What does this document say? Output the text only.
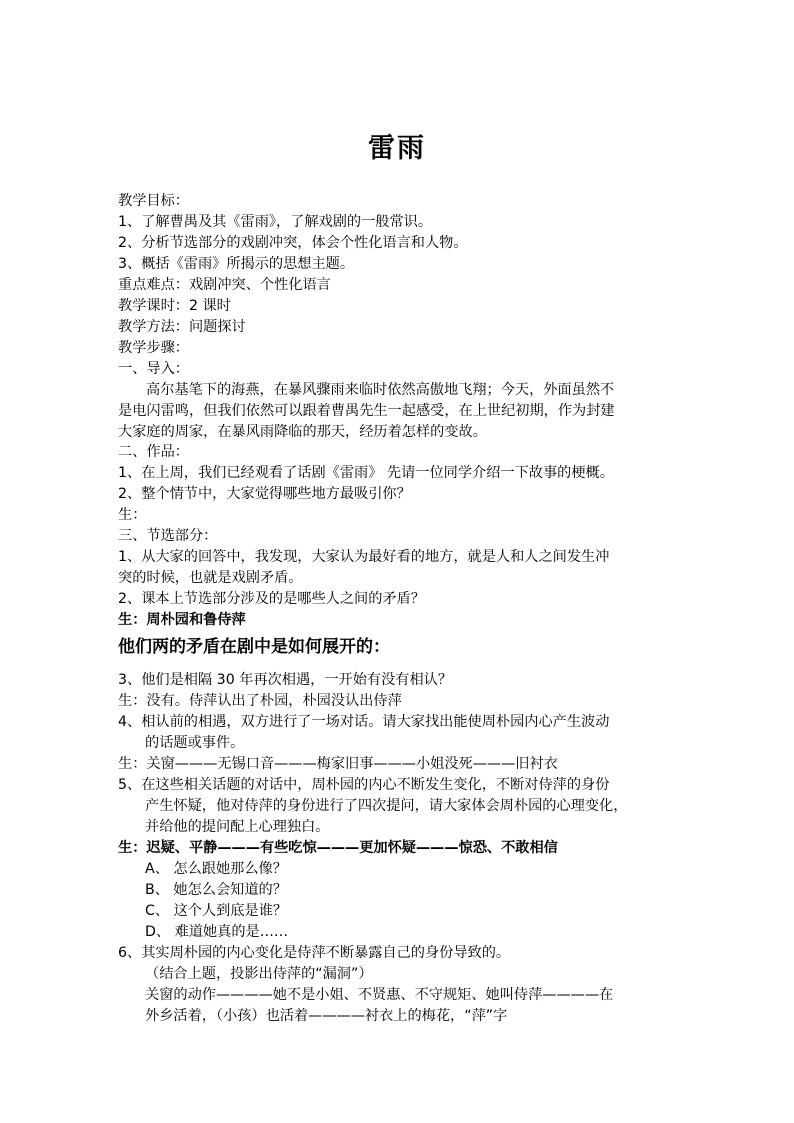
雷雨
教学目标：
1、了解曹禺及其《雷雨》，了解戏剧的一般常识。
2、分析节选部分的戏剧冲突，体会个性化语言和人物。
3、概括《雷雨》所揭示的思想主题。
重点难点：戏剧冲突、个性化语言
教学课时：2 课时
教学方法：问题探讨
教学步骤：
一、导入：
高尔基笔下的海燕，在暴风骤雨来临时依然高傲地飞翔；今天，外面虽然不
是电闪雷鸣，但我们依然可以跟着曹禺先生一起感受，在上世纪初期，作为封建
大家庭的周家，在暴风雨降临的那天，经历着怎样的变故。
二、作品：
1、在上周，我们已经观看了话剧《雷雨》 先请一位同学介绍一下故事的梗概。
2、整个情节中，大家觉得哪些地方最吸引你？
生：
三、节选部分：
1、从大家的回答中，我发现，大家认为最好看的地方，就是人和人之间发生冲
突的时候，也就是戏剧矛盾。
2、课本上节选部分涉及的是哪些人之间的矛盾？
生：周朴园和鲁侍萍
他们两的矛盾在剧中是如何展开的：
3、他们是相隔 30 年再次相遇，一开始有没有相认？
生：没有。侍萍认出了朴园，朴园没认出侍萍
4、相认前的相遇，双方进行了一场对话。请大家找出能使周朴园内心产生波动
的话题或事件。
生：关窗———无锡口音———梅家旧事———小姐没死———旧衬衣
5、在这些相关话题的对话中，周朴园的内心不断发生变化，不断对侍萍的身份
产生怀疑，他对侍萍的身份进行了四次提问，请大家体会周朴园的心理变化，
并给他的提问配上心理独白。
生：迟疑、平静———有些吃惊———更加怀疑———惊恐、不敢相信
A、 怎么跟她那么像？
B、 她怎么会知道的？
C、 这个人到底是谁？
D、 难道她真的是……
6、其实周朴园的内心变化是侍萍不断暴露自己的身份导致的。
（结合上题，投影出侍萍的“漏洞”）
关窗的动作————她不是小姐、不贤惠、不守规矩、她叫侍萍————在
外乡活着，（小孩）也活着————衬衣上的梅花，“萍”字
